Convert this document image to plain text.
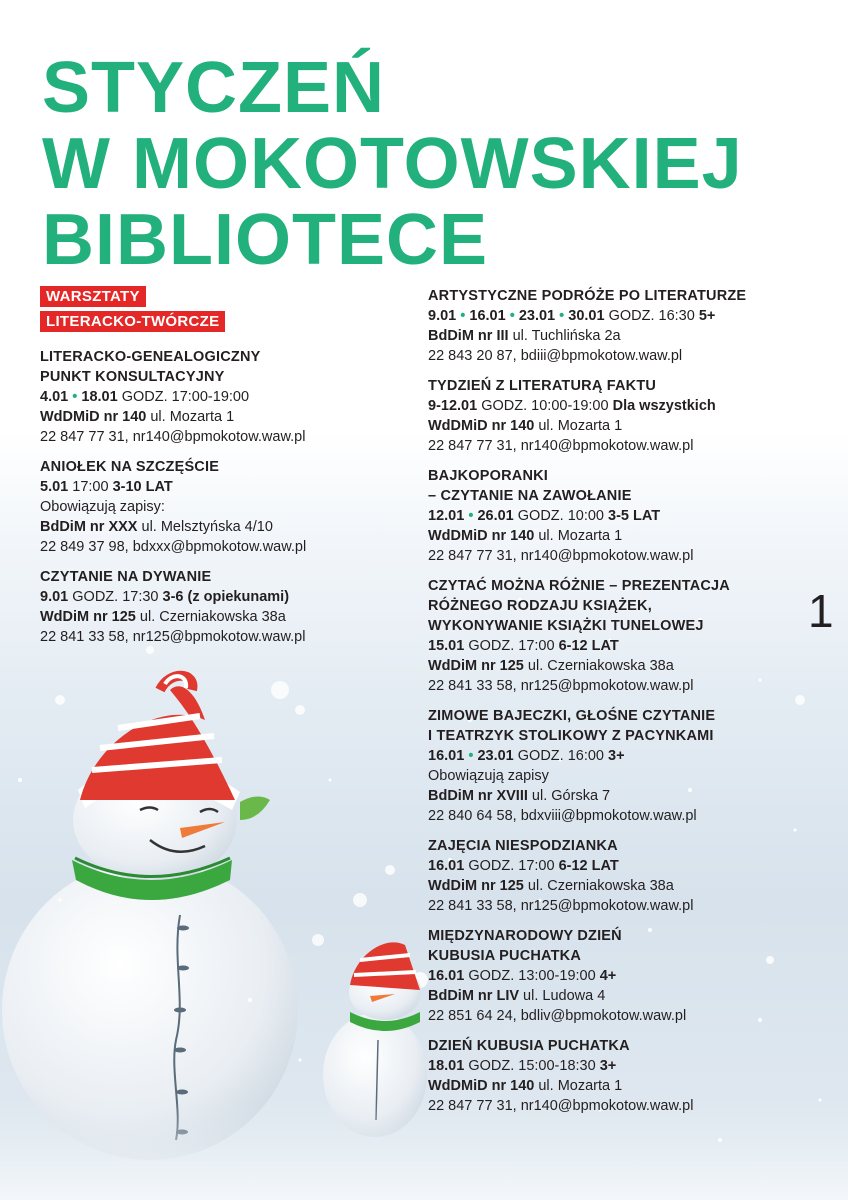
STYCZEŃ
W MOKOTOWSKIEJ
BIBLIOTECE
WARSZTATY
LITERACKO-TWÓRCZE
LITERACKO-GENEALOGICZNY
PUNKT KONSULTACYJNY
4.01 • 18.01 GODZ. 17:00-19:00
WdDMiD nr 140 ul. Mozarta 1
22 847 77 31, nr140@bpmokotow.waw.pl
ANIOŁEK NA SZCZĘŚCIE
5.01 17:00 3-10 LAT
Obowiązują zapisy:
BdDiM nr XXX ul. Melsztyńska 4/10
22 849 37 98, bdxxx@bpmokotow.waw.pl
CZYTANIE NA DYWANIE
9.01 GODZ. 17:30 3-6 (z opiekunami)
WdDiM nr 125 ul. Czerniakowska 38a
22 841 33 58, nr125@bpmokotow.waw.pl
ARTYSTYCZNE PODRÓŻE PO LITERATURZE
9.01 • 16.01 • 23.01 • 30.01 GODZ. 16:30 5+
BdDiM nr III ul. Tuchlińska 2a
22 843 20 87, bdiii@bpmokotow.waw.pl
TYDZIEŃ Z LITERATURĄ FAKTU
9-12.01 GODZ. 10:00-19:00 Dla wszystkich
WdDMiD nr 140 ul. Mozarta 1
22 847 77 31, nr140@bpmokotow.waw.pl
BAJKOPORANKI
– CZYTANIE NA ZAWOŁANIE
12.01 • 26.01 GODZ. 10:00 3-5 LAT
WdDMiD nr 140 ul. Mozarta 1
22 847 77 31, nr140@bpmokotow.waw.pl
CZYTAĆ MOŻNA RÓŻNIE – PREZENTACJA
RÓŻNEGO RODZAJU KSIĄŻEK,
WYKONYWANIE KSIĄŻKI TUNELOWEJ
15.01 GODZ. 17:00 6-12 LAT
WdDiM nr 125 ul. Czerniakowska 38a
22 841 33 58, nr125@bpmokotow.waw.pl
ZIMOWE BAJECZKI, GŁOŚNE CZYTANIE
I TEATRZYK STOLIKOWY Z PACYNKAMI
16.01 • 23.01 GODZ. 16:00 3+
Obowiązują zapisy
BdDiM nr XVIII ul. Górska 7
22 840 64 58, bdxviii@bpmokotow.waw.pl
ZAJĘCIA NIESPODZIANKA
16.01 GODZ. 17:00 6-12 LAT
WdDiM nr 125 ul. Czerniakowska 38a
22 841 33 58, nr125@bpmokotow.waw.pl
MIĘDZYNARODOWY DZIEŃ
KUBUSIA PUCHATKA
16.01 GODZ. 13:00-19:00 4+
BdDiM nr LIV ul. Ludowa 4
22 851 64 24, bdliv@bpmokotow.waw.pl
DZIEŃ KUBUSIA PUCHATKA
18.01 GODZ. 15:00-18:30 3+
WdDMiD nr 140 ul. Mozarta 1
22 847 77 31, nr140@bpmokotow.waw.pl
1
